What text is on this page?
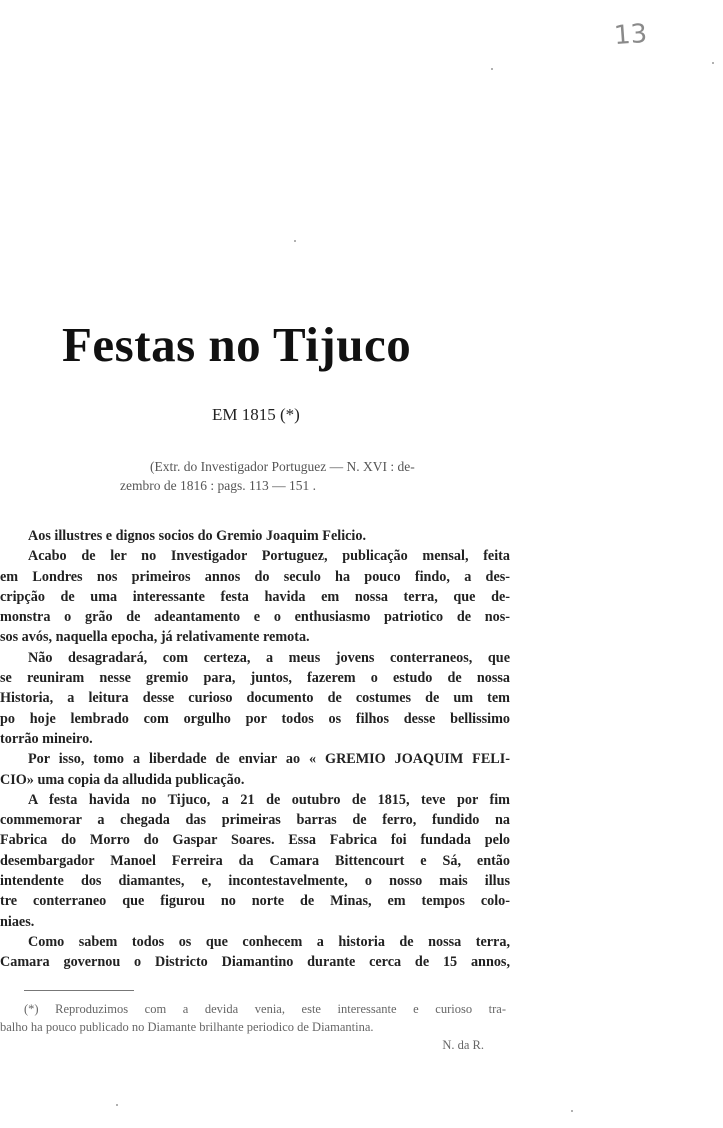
13
Festas no Tijuco
EM 1815 (*)
(Extr. do Investigador Portuguez — N. XVI : de-
zembro de 1816 : pags. 113 — 151 .
Aos illustres e dignos socios do Gremio Joaquim Felicio.
Acabo de ler no Investigador Portuguez, publicação mensal, feita
em Londres nos primeiros annos do seculo ha pouco findo, a des-
cripção de uma interessante festa havida em nossa terra, que de-
monstra o grão de adeantamento e o enthusiasmo patriotico de nos-
sos avós, naquella epocha, já relativamente remota.
Não desagradará, com certeza, a meus jovens conterraneos, que
se reuniram nesse gremio para, juntos, fazerem o estudo de nossa
Historia, a leitura desse curioso documento de costumes de um tem
po hoje lembrado com orgulho por todos os filhos desse bellissimo
torrão mineiro.
Por isso, tomo a liberdade de enviar ao « GREMIO JOAQUIM FELI-
CIO» uma copia da alludida publicação.
A festa havida no Tijuco, a 21 de outubro de 1815, teve por fim
commemorar a chegada das primeiras barras de ferro, fundido na
Fabrica do Morro do Gaspar Soares. Essa Fabrica foi fundada pelo
desembargador Manoel Ferreira da Camara Bittencourt e Sá, então
intendente dos diamantes, e, incontestavelmente, o nosso mais illus
tre conterraneo que figurou no norte de Minas, em tempos colo-
niaes.
Como sabem todos os que conhecem a historia de nossa terra,
Camara governou o Districto Diamantino durante cerca de 15 annos,
(*) Reproduzimos com a devida venia, este interessante e curioso tra-
balho ha pouco publicado no Diamante brilhante periodico de Diamantina.
N. da R.
